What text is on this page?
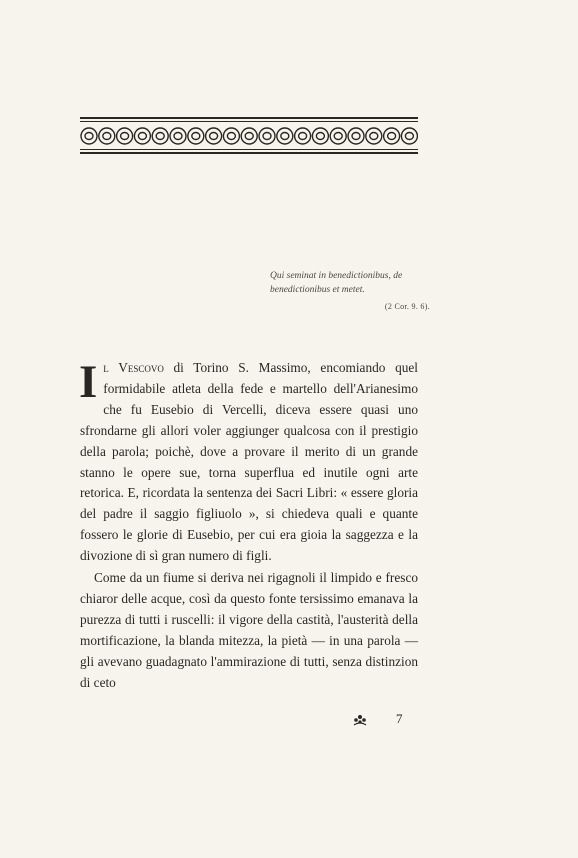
Qui seminat in benedictionibus, de benedictionibus et metet.
(2 Cor. 9. 6).

Il Vescovo di Torino S. Massimo, encomiando quel formidabile atleta della fede e martello dell'Arianesimo che fu Eusebio di Vercelli, diceva essere quasi uno sfrondarne gli allori voler aggiunger qualcosa con il prestigio della parola; poichè, dove a provare il merito di un grande stanno le opere sue, torna superflua ed inutile ogni arte retorica. E, ricordata la sentenza dei Sacri Libri: « essere gloria del padre il saggio figliuolo », si chiedeva quali e quante fossero le glorie di Eusebio, per cui era gioia la saggezza e la divozione di sì gran numero di figli.

Come da un fiume si deriva nei rigagnoli il limpido e fresco chiaror delle acque, così da questo fonte tersissimo emanava la purezza di tutti i ruscelli: il vigore della castità, l'austerità della mortificazione, la blanda mitezza, la pietà — in una parola — gli avevano guadagnato l'ammirazione di tutti, senza distinzion di ceto

7
